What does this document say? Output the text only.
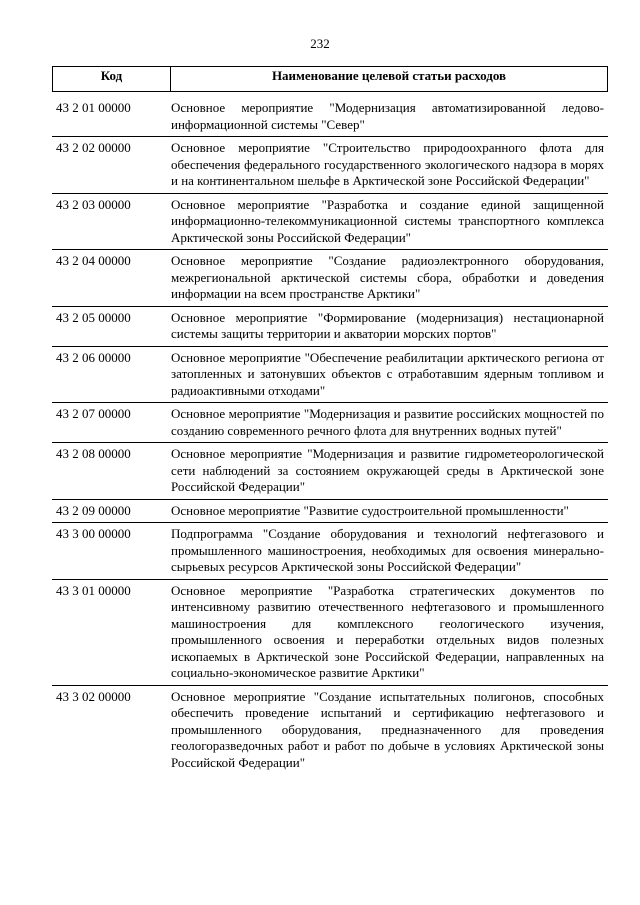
232
Код	Наименование целевой статьи расходов
43 2 01 00000	Основное мероприятие "Модернизация автоматизированной ледово-информационной системы "Север"
43 2 02 00000	Основное мероприятие "Строительство природоохранного флота для обеспечения федерального государственного экологического надзора в морях и на континентальном шельфе в Арктической зоне Российской Федерации"
43 2 03 00000	Основное мероприятие "Разработка и создание единой защищенной информационно-телекоммуникационной системы транспортного комплекса Арктической зоны Российской Федерации"
43 2 04 00000	Основное мероприятие "Создание радиоэлектронного оборудования, межрегиональной арктической системы сбора, обработки и доведения информации на всем пространстве Арктики"
43 2 05 00000	Основное мероприятие "Формирование (модернизация) нестационарной системы защиты территории и акватории морских портов"
43 2 06 00000	Основное мероприятие "Обеспечение реабилитации арктического региона от затопленных и затонувших объектов с отработавшим ядерным топливом и радиоактивными отходами"
43 2 07 00000	Основное мероприятие "Модернизация и развитие российских мощностей по созданию современного речного флота для внутренних водных путей"
43 2 08 00000	Основное мероприятие "Модернизация и развитие гидрометеорологической сети наблюдений за состоянием окружающей среды в Арктической зоне Российской Федерации"
43 2 09 00000	Основное мероприятие "Развитие судостроительной промышленности"
43 3 00 00000	Подпрограмма "Создание оборудования и технологий нефтегазового и промышленного машиностроения, необходимых для освоения минерально-сырьевых ресурсов Арктической зоны Российской Федерации"
43 3 01 00000	Основное мероприятие "Разработка стратегических документов по интенсивному развитию отечественного нефтегазового и промышленного машиностроения для комплексного геологического изучения, промышленного освоения и переработки отдельных видов полезных ископаемых в Арктической зоне Российской Федерации, направленных на социально-экономическое развитие Арктики"
43 3 02 00000	Основное мероприятие "Создание испытательных полигонов, способных обеспечить проведение испытаний и сертификацию нефтегазового и промышленного оборудования, предназначенного для проведения геологоразведочных работ и работ по добыче в условиях Арктической зоны Российской Федерации"
